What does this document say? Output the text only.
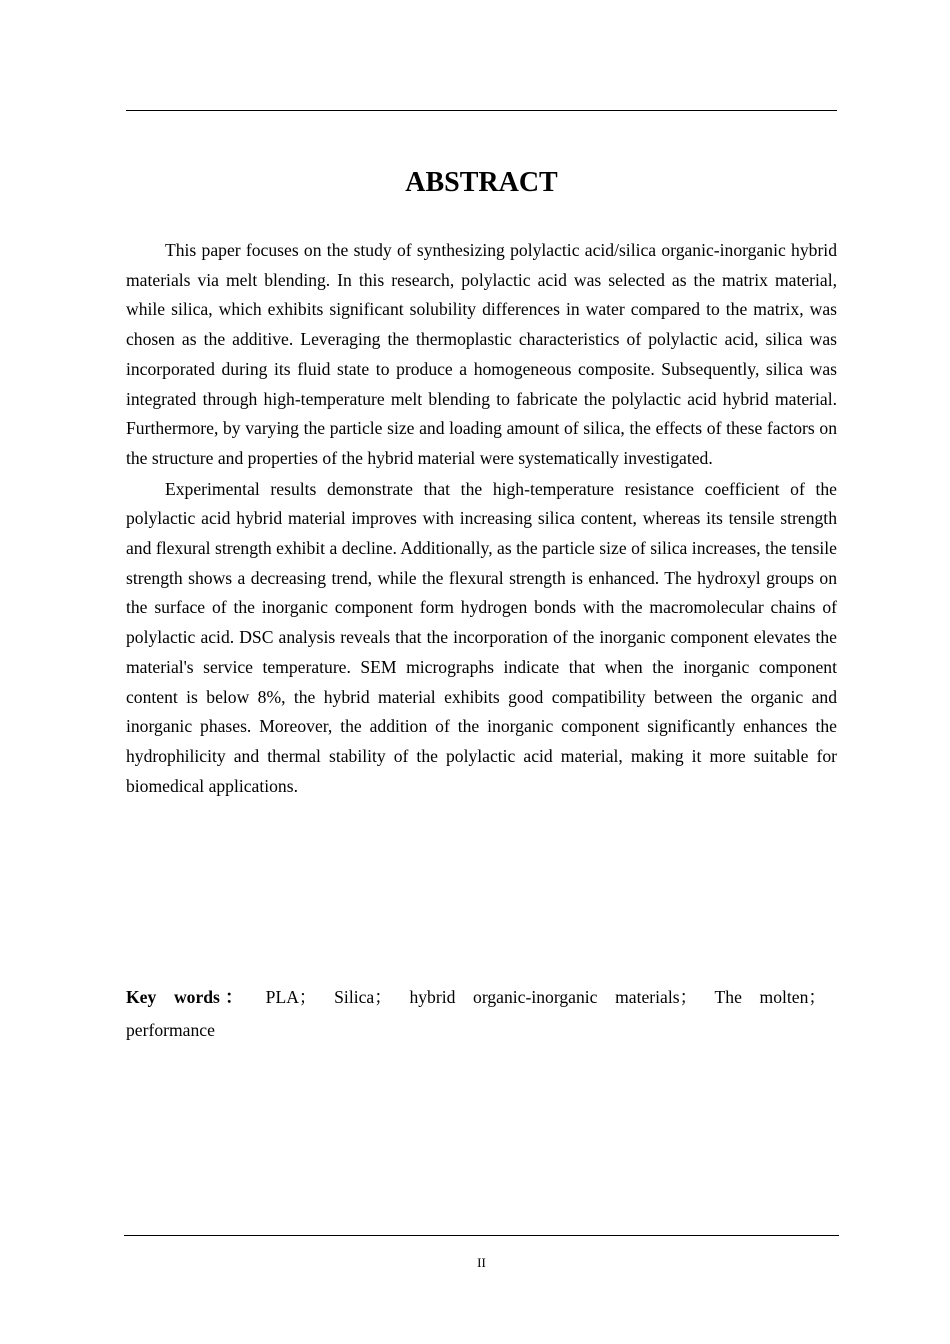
ABSTRACT

This paper focuses on the study of synthesizing polylactic acid/silica organic-inorganic hybrid materials via melt blending. In this research, polylactic acid was selected as the matrix material, while silica, which exhibits significant solubility differences in water compared to the matrix, was chosen as the additive. Leveraging the thermoplastic characteristics of polylactic acid, silica was incorporated during its fluid state to produce a homogeneous composite. Subsequently, silica was integrated through high-temperature melt blending to fabricate the polylactic acid hybrid material. Furthermore, by varying the particle size and loading amount of silica, the effects of these factors on the structure and properties of the hybrid material were systematically investigated.

Experimental results demonstrate that the high-temperature resistance coefficient of the polylactic acid hybrid material improves with increasing silica content, whereas its tensile strength and flexural strength exhibit a decline. Additionally, as the particle size of silica increases, the tensile strength shows a decreasing trend, while the flexural strength is enhanced. The hydroxyl groups on the surface of the inorganic component form hydrogen bonds with the macromolecular chains of polylactic acid. DSC analysis reveals that the incorporation of the inorganic component elevates the material's service temperature. SEM micrographs indicate that when the inorganic component content is below 8%, the hybrid material exhibits good compatibility between the organic and inorganic phases. Moreover, the addition of the inorganic component significantly enhances the hydrophilicity and thermal stability of the polylactic acid material, making it more suitable for biomedical applications.

Key words： PLA； Silica； hybrid organic-inorganic materials； The molten； performance
II
